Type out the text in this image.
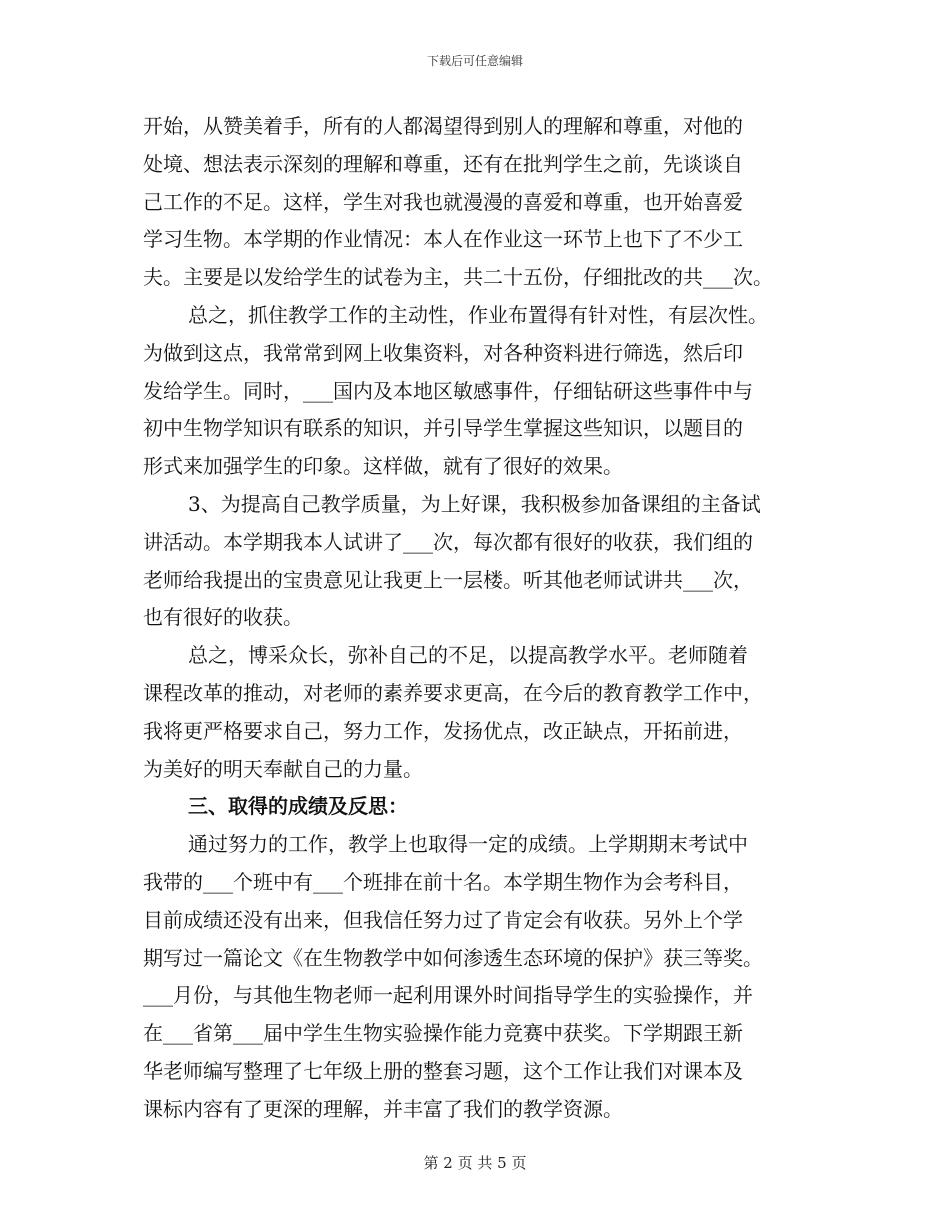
下载后可任意编辑
开始，从赞美着手，所有的人都渴望得到别人的理解和尊重，对他的
处境、想法表示深刻的理解和尊重，还有在批判学生之前，先谈谈自
己工作的不足。这样，学生对我也就漫漫的喜爱和尊重，也开始喜爱
学习生物。本学期的作业情况：本人在作业这一环节上也下了不少工
夫。主要是以发给学生的试卷为主，共二十五份，仔细批改的共___次。
总之，抓住教学工作的主动性，作业布置得有针对性，有层次性。
为做到这点，我常常到网上收集资料，对各种资料进行筛选，然后印
发给学生。同时，___国内及本地区敏感事件，仔细钻研这些事件中与
初中生物学知识有联系的知识，并引导学生掌握这些知识，以题目的
形式来加强学生的印象。这样做，就有了很好的效果。
3、为提高自己教学质量，为上好课，我积极参加备课组的主备试
讲活动。本学期我本人试讲了___次，每次都有很好的收获，我们组的
老师给我提出的宝贵意见让我更上一层楼。听其他老师试讲共___次，
也有很好的收获。
总之，博采众长，弥补自己的不足，以提高教学水平。老师随着
课程改革的推动，对老师的素养要求更高，在今后的教育教学工作中，
我将更严格要求自己，努力工作，发扬优点，改正缺点，开拓前进，
为美好的明天奉献自己的力量。
三、取得的成绩及反思：
通过努力的工作，教学上也取得一定的成绩。上学期期末考试中
我带的___个班中有___个班排在前十名。本学期生物作为会考科目，
目前成绩还没有出来，但我信任努力过了肯定会有收获。另外上个学
期写过一篇论文《在生物教学中如何渗透生态环境的保护》获三等奖。
___月份，与其他生物老师一起利用课外时间指导学生的实验操作，并
在___省第___届中学生生物实验操作能力竞赛中获奖。下学期跟王新
华老师编写整理了七年级上册的整套习题，这个工作让我们对课本及
课标内容有了更深的理解，并丰富了我们的教学资源。
第 2 页 共 5 页
